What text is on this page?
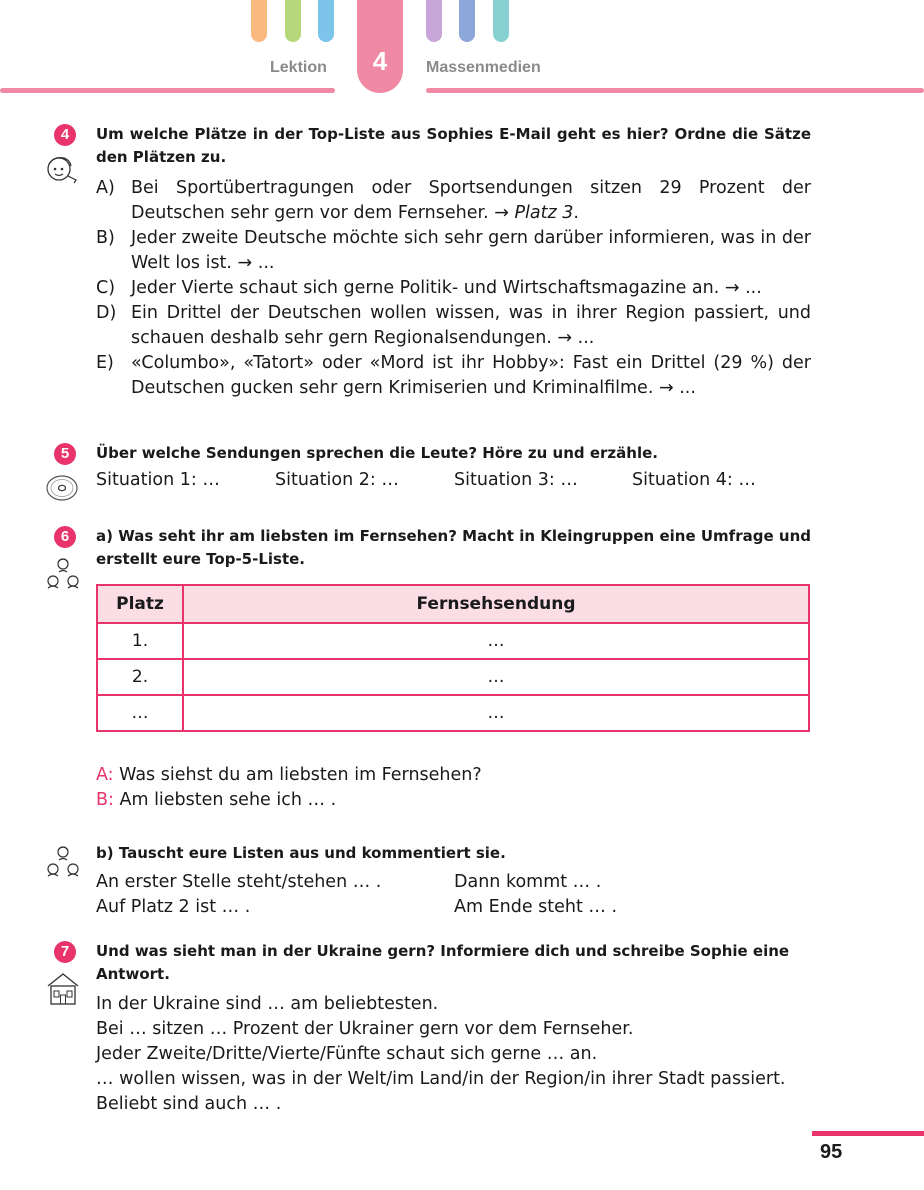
Lektion	4	Massenmedien
4	Um welche Plätze in der Top-Liste aus Sophies E-Mail geht es hier? Ordne die Sätze den Plätzen zu.
A) Bei Sportübertragungen oder Sportsendungen sitzen 29 Prozent der Deutschen sehr gern vor dem Fernseher. → Platz 3.
B) Jeder zweite Deutsche möchte sich sehr gern darüber informieren, was in der Welt los ist. → ...
C) Jeder Vierte schaut sich gerne Politik- und Wirtschaftsmagazine an. → ...
D) Ein Drittel der Deutschen wollen wissen, was in ihrer Region passiert, und schauen deshalb sehr gern Regionalsendungen. → ...
E) «Columbo», «Tatort» oder «Mord ist ihr Hobby»: Fast ein Drittel (29 %) der Deutschen gucken sehr gern Krimiserien und Kriminalfilme. → ...
5	Über welche Sendungen sprechen die Leute? Höre zu und erzähle.
Situation 1: …	Situation 2: …	Situation 3: …	Situation 4: …
6	a) Was seht ihr am liebsten im Fernsehen? Macht in Kleingruppen eine Umfrage und erstellt eure Top-5-Liste.
Platz	Fernsehsendung
1.	…
2.	…
…	…
A: Was siehst du am liebsten im Fernsehen?
B: Am liebsten sehe ich … .
b) Tauscht eure Listen aus und kommentiert sie.
An erster Stelle steht/stehen … .
Auf Platz 2 ist … .
Dann kommt … .
Am Ende steht … .
7	Und was sieht man in der Ukraine gern? Informiere dich und schreibe Sophie eine Antwort.
In der Ukraine sind … am beliebtesten.
Bei … sitzen … Prozent der Ukrainer gern vor dem Fernseher.
Jeder Zweite/Dritte/Vierte/Fünfte schaut sich gerne … an.
… wollen wissen, was in der Welt/im Land/in der Region/in ihrer Stadt passiert.
Beliebt sind auch … .
95
